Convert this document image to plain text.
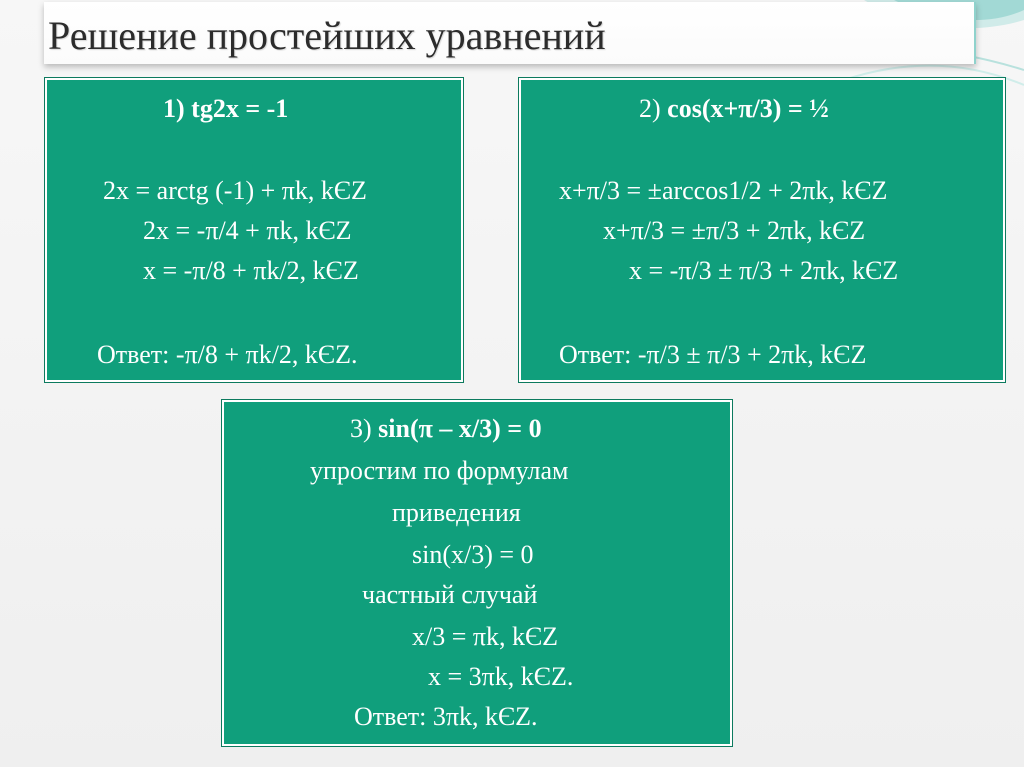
Решение простейших уравнений
1) tg2x = -1
2x = arctg (-1) + πk, kЄZ
2x = -π/4 + πk, kЄZ
x = -π/8 + πk/2, kЄZ
Ответ: -π/8 + πk/2, kЄZ.
2) cos(x+π/3) = ½
x+π/3 = ±arccos1/2 + 2πk, kЄZ
x+π/3 = ±π/3 + 2πk, kЄZ
x = -π/3 ± π/3 + 2πk, kЄZ
Ответ: -π/3 ± π/3 + 2πk, kЄZ
3) sin(π – x/3) = 0
упростим по формулам
приведения
sin(x/3) = 0
частный случай
x/3 = πk, kЄZ
x = 3πk, kЄZ.
Ответ: 3πk, kЄZ.
